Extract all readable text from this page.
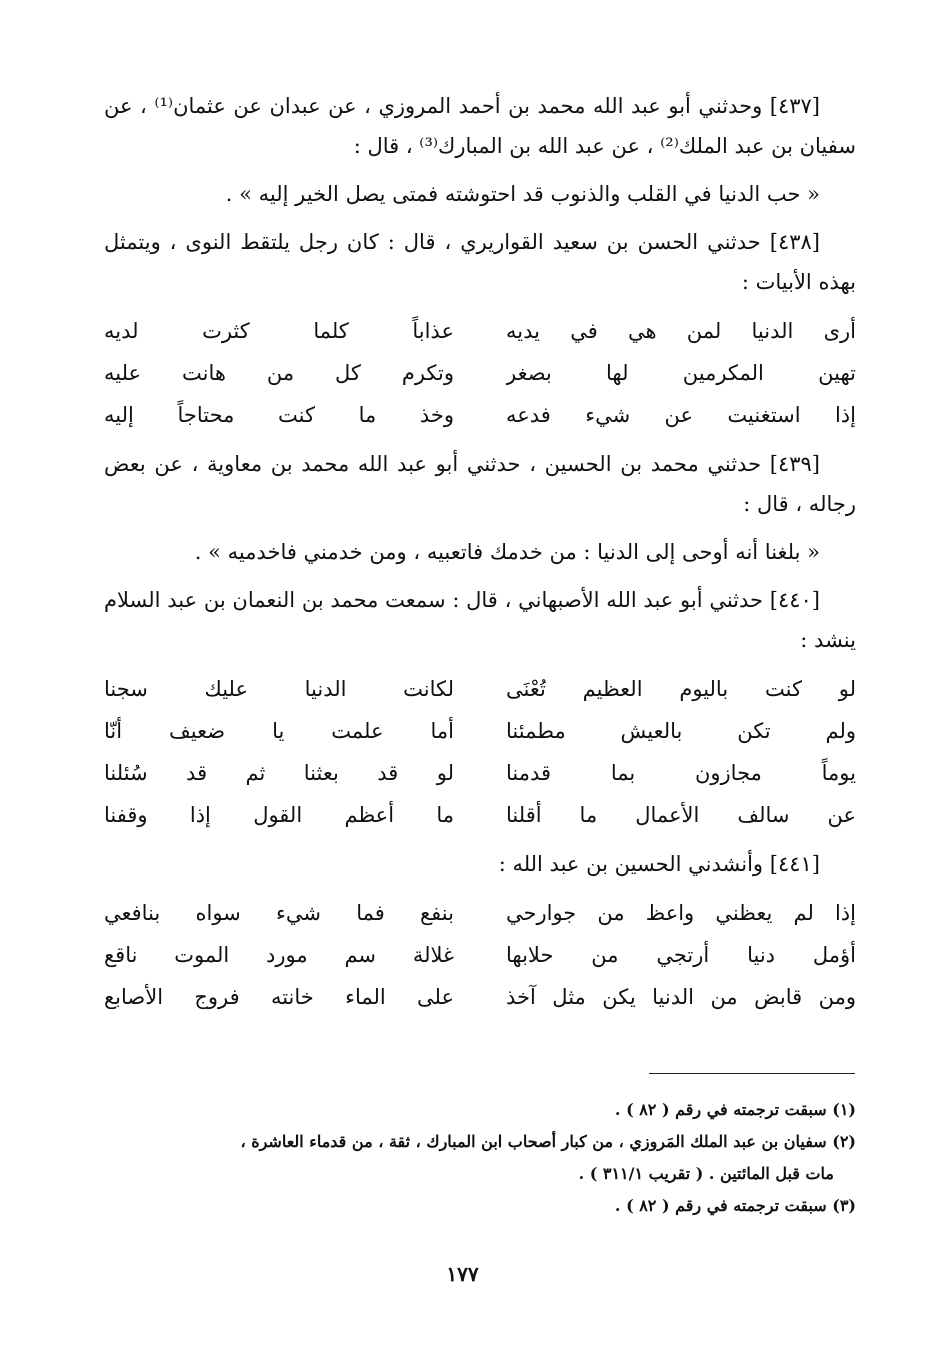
[٤٣٧] وحدثني أبو عبد الله محمد بن أحمد المروزي ، عن عبدان عن عثمان⁽¹⁾ ، عن سفيان بن عبد الملك⁽²⁾ ، عن عبد الله بن المبارك⁽³⁾ ، قال :

« حب الدنيا في القلب والذنوب قد احتوشته فمتى يصل الخير إليه » .

[٤٣٨] حدثني الحسن بن سعيد القواريري ، قال : كان رجل يلتقط النوى ، ويتمثل بهذه الأبيات :

أرى الدنيا لمن هي في يديه
عذاباً كلما كثرت لديه
تهين المكرمين لها بصغر
وتكرم كل من هانت عليه
إذا استغنيت عن شيء فدعه
وخذ ما كنت محتاجاً إليه

[٤٣٩] حدثني محمد بن الحسين ، حدثني أبو عبد الله محمد بن معاوية ، عن بعض رجاله ، قال :

« بلغنا أنه أوحى إلى الدنيا : من خدمك فاتعبيه ، ومن خدمني فاخدميه » .

[٤٤٠] حدثني أبو عبد الله الأصبهاني ، قال : سمعت محمد بن النعمان بن عبد السلام ينشد :

لو كنت باليوم العظيم تُعْنَى
لكانت الدنيا عليك سجنا
ولم تكن بالعيش مطمئنا
أما علمت يا ضعيف أنّا
يوماً مجازون بما قدمنا
لو قد بعثنا ثم قد سُئلنا
عن سالف الأعمال ما أقلنا
ما أعظم القول إذا وقفنا

[٤٤١] وأنشدني الحسين بن عبد الله :

إذا لم يعظني واعظ من جوارحي
بنفع فما شيء سواه بنافعي
أؤمل دنيا أرتجي من حلابها
غلالة سم مورد الموت ناقع
ومن قابض من الدنيا يكن مثل آخذ
على الماء خانته فروج الأصابع

(١) سبقت ترجمته في رقم ( ٨٢ ) .

(٢) سفيان بن عبد الملك المَروزي ، من كبار أصحاب ابن المبارك ، ثقة ، من قدماء العاشرة ،

مات قبل المائتين . ( تقريب ٣١١/١ ) .

(٣) سبقت ترجمته في رقم ( ٨٢ ) .

١٧٧
